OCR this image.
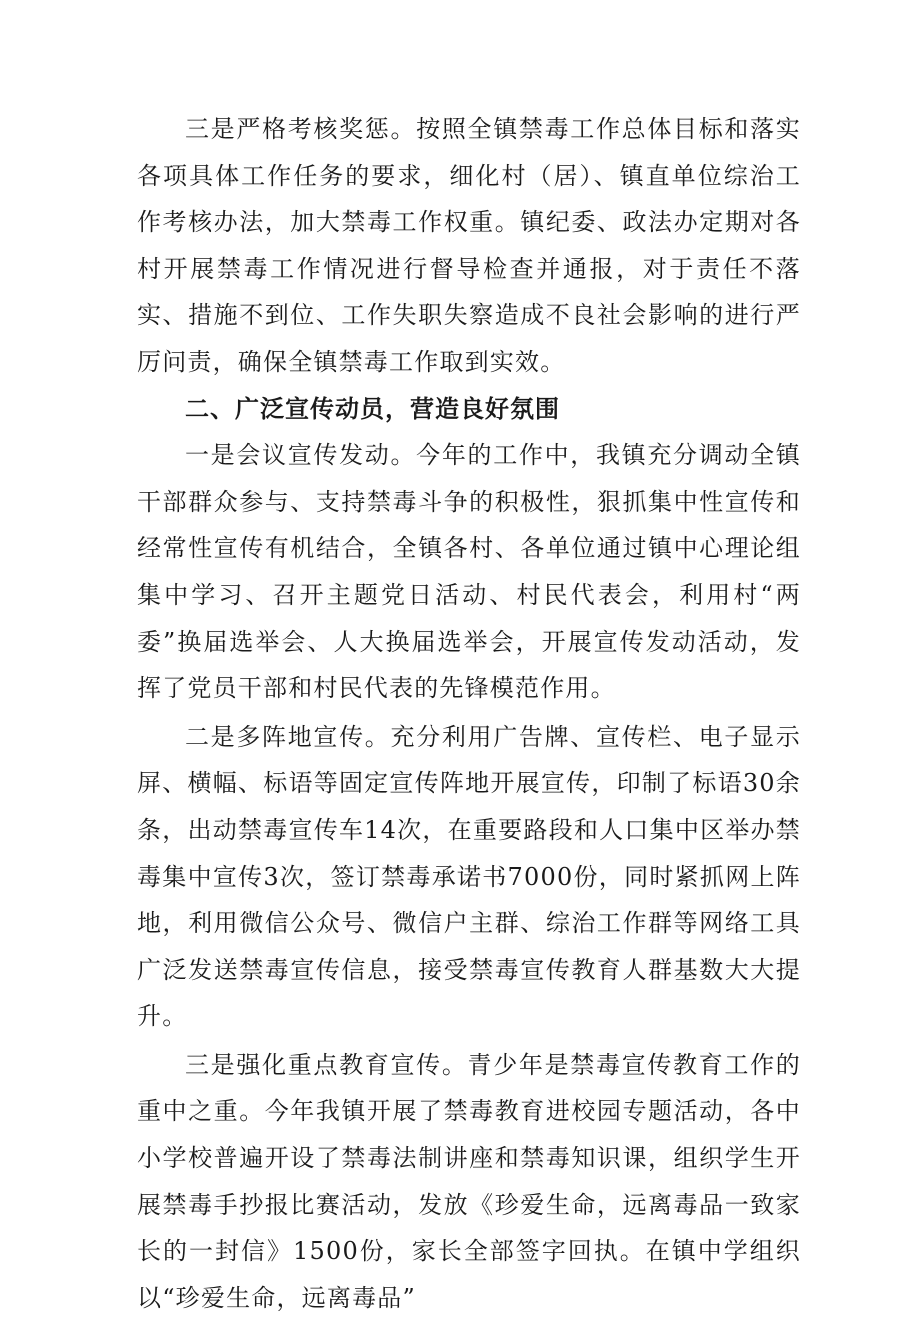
三是严格考核奖惩。按照全镇禁毒工作总体目标和落实各项具体工作任务的要求，细化村（居）、镇直单位综治工作考核办法，加大禁毒工作权重。镇纪委、政法办定期对各村开展禁毒工作情况进行督导检查并通报，对于责任不落实、措施不到位、工作失职失察造成不良社会影响的进行严厉问责，确保全镇禁毒工作取到实效。

二、广泛宣传动员，营造良好氛围

一是会议宣传发动。今年的工作中，我镇充分调动全镇干部群众参与、支持禁毒斗争的积极性，狠抓集中性宣传和经常性宣传有机结合，全镇各村、各单位通过镇中心理论组集中学习、召开主题党日活动、村民代表会，利用村“两委”换届选举会、人大换届选举会，开展宣传发动活动，发挥了党员干部和村民代表的先锋模范作用。

二是多阵地宣传。充分利用广告牌、宣传栏、电子显示屏、横幅、标语等固定宣传阵地开展宣传，印制了标语30余条，出动禁毒宣传车14次，在重要路段和人口集中区举办禁毒集中宣传3次，签订禁毒承诺书7000份，同时紧抓网上阵地，利用微信公众号、微信户主群、综治工作群等网络工具广泛发送禁毒宣传信息，接受禁毒宣传教育人群基数大大提升。

三是强化重点教育宣传。青少年是禁毒宣传教育工作的重中之重。今年我镇开展了禁毒教育进校园专题活动，各中小学校普遍开设了禁毒法制讲座和禁毒知识课，组织学生开展禁毒手抄报比赛活动，发放《珍爱生命，远离毒品一致家长的一封信》1500份，家长全部签字回执。在镇中学组织以“珍爱生命，远离毒品”
